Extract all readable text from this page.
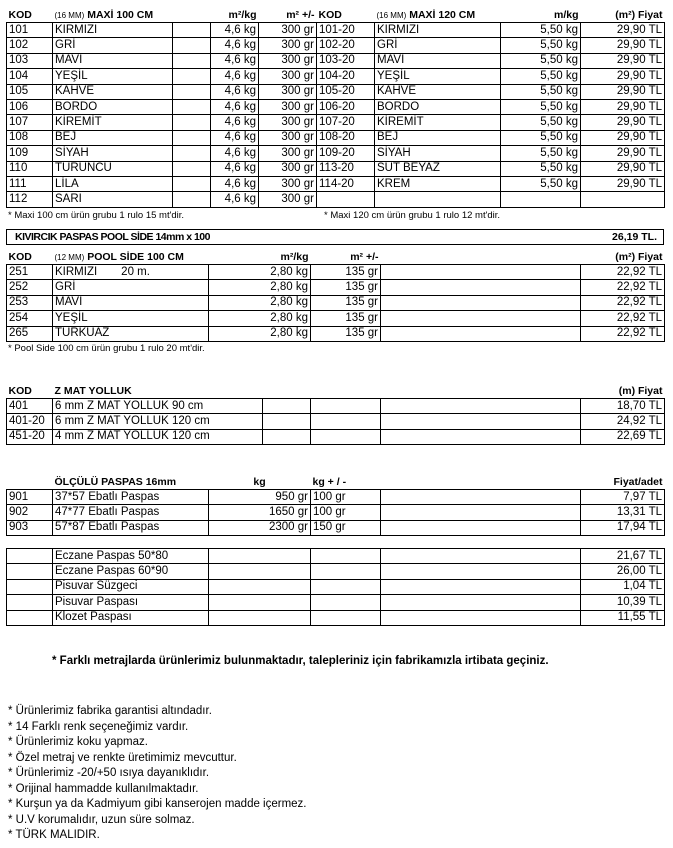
KOD	(16 MM) MAXİ 100 CM		m²/kg	m² +/-	KOD	(16 MM) MAXİ 120 CM	m/kg	(m²) Fiyat
101	KIRMIZI		4,6 kg	300 gr	101-20	KIRMIZI	5,50 kg	29,90 TL
102	GRİ		4,6 kg	300 gr	102-20	GRİ	5,50 kg	29,90 TL
103	MAVİ		4,6 kg	300 gr	103-20	MAVİ	5,50 kg	29,90 TL
104	YEŞİL		4,6 kg	300 gr	104-20	YEŞİL	5,50 kg	29,90 TL
105	KAHVE		4,6 kg	300 gr	105-20	KAHVE	5,50 kg	29,90 TL
106	BORDO		4,6 kg	300 gr	106-20	BORDO	5,50 kg	29,90 TL
107	KİREMİT		4,6 kg	300 gr	107-20	KİREMİT	5,50 kg	29,90 TL
108	BEJ		4,6 kg	300 gr	108-20	BEJ	5,50 kg	29,90 TL
109	SİYAH		4,6 kg	300 gr	109-20	SİYAH	5,50 kg	29,90 TL
110	TURUNCU		4,6 kg	300 gr	113-20	SÜT BEYAZ	5,50 kg	29,90 TL
111	LİLA		4,6 kg	300 gr	114-20	KREM	5,50 kg	29,90 TL
112	SARI		4,6 kg	300 gr				
* Maxi 100 cm ürün grubu 1 rulo 15 mt'dir.	* Maxi 120 cm ürün grubu 1 rulo 12 mt'dir.
KIVIRCIK PASPAS POOL SİDE 14mm x 100	26,19 TL.
KOD	(12 MM) POOL SİDE 100 CM	m²/kg	m² +/-		(m²) Fiyat
251	KIRMIZI 20 m.	2,80 kg	135 gr		22,92 TL
252	GRİ	2,80 kg	135 gr		22,92 TL
253	MAVİ	2,80 kg	135 gr		22,92 TL
254	YEŞİL	2,80 kg	135 gr		22,92 TL
265	TURKUAZ	2,80 kg	135 gr		22,92 TL
* Pool Side 100 cm ürün grubu 1 rulo 20 mt'dir.
KOD	Z MAT YOLLUK				(m) Fiyat
401	6 mm Z MAT YOLLUK 90 cm				18,70 TL
401-20	6 mm Z MAT YOLLUK 120 cm				24,92 TL
451-20	4 mm Z MAT YOLLUK 120 cm				22,69 TL
	ÖLÇÜLÜ PASPAS 16mm	kg	kg + / -		Fiyat/adet
901	37*57 Ebatlı Paspas	950 gr	100 gr		7,97 TL
902	47*77 Ebatlı Paspas	1650 gr	100 gr		13,31 TL
903	57*87 Ebatlı Paspas	2300 gr	150 gr		17,94 TL
	Eczane Paspas 50*80				21,67 TL
	Eczane Paspas 60*90				26,00 TL
	Pisuvar Süzgeci				1,04 TL
	Pisuvar Paspası				10,39 TL
	Klozet Paspası				11,55 TL
* Farklı metrajlarda ürünlerimiz bulunmaktadır, talepleriniz için fabrikamızla irtibata geçiniz.
* Ürünlerimiz fabrika garantisi altındadır.
* 14 Farklı renk seçeneğimiz vardır.
* Ürünlerimiz koku yapmaz.
* Özel metraj ve renkte üretimimiz mevcuttur.
* Ürünlerimiz -20/+50 ısıya dayanıklıdır.
* Orijinal hammadde kullanılmaktadır.
* Kurşun ya da Kadmiyum gibi kanserojen madde içermez.
* U.V korumalıdır, uzun süre solmaz.
* TÜRK MALIDIR.
